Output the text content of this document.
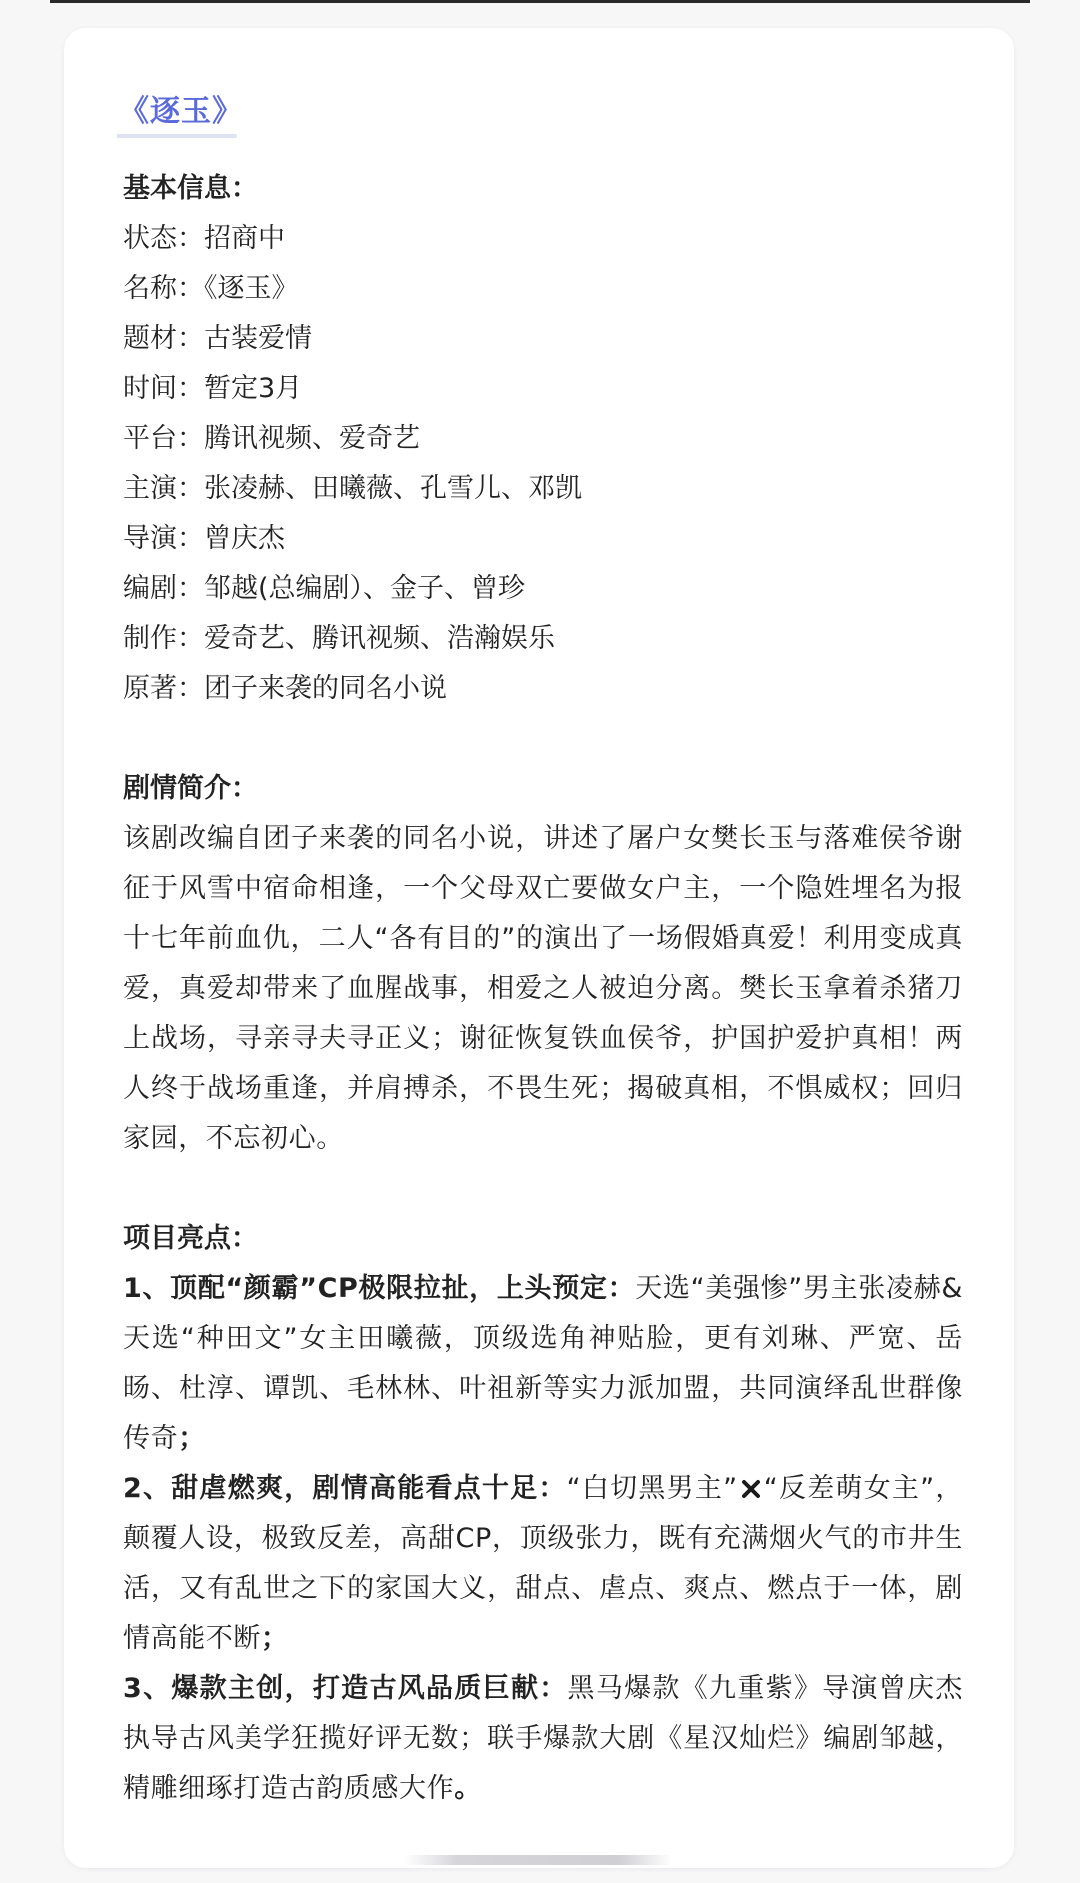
《逐玉》
基本信息：
状态：招商中
名称：《逐玉》
题材：古装爱情
时间：暂定3月
平台：腾讯视频、爱奇艺
主演：张凌赫、田曦薇、孔雪儿、邓凯
导演：曾庆杰
编剧：邹越(总编剧）、金子、曾珍
制作：爱奇艺、腾讯视频、浩瀚娱乐
原著：团子来袭的同名小说
剧情简介：

该剧改编自团子来袭的同名小说，讲述了屠户女樊长玉与落难侯爷谢征于风雪中宿命相逢，一个父母双亡要做女户主，一个隐姓埋名为报十七年前血仇，二人“各有目的”的演出了一场假婚真爱！利用变成真爱，真爱却带来了血腥战事，相爱之人被迫分离。樊长玉拿着杀猪刀上战场，寻亲寻夫寻正义；谢征恢复铁血侯爷，护国护爱护真相！两人终于战场重逢，并肩搏杀，不畏生死；揭破真相，不惧威权；回归家园，不忘初心。

项目亮点：

1、顶配“颜霸”CP极限拉扯，上头预定：天选“美强惨”男主张凌赫&天选“种田文”女主田曦薇，顶级选角神贴脸，更有刘琳、严宽、岳旸、杜淳、谭凯、毛林林、叶祖新等实力派加盟，共同演绎乱世群像传奇；

2、甜虐燃爽，剧情高能看点十足：“白切黑男主” “反差萌女主”，颠覆人设，极致反差，高甜CP，顶级张力，既有充满烟火气的市井生活，又有乱世之下的家国大义，甜点、虐点、爽点、燃点于一体，剧情高能不断；

3、爆款主创，打造古风品质巨献：黑马爆款《九重紫》导演曾庆杰执导古风美学狂揽好评无数；联手爆款大剧《星汉灿烂》编剧邹越，精雕细琢打造古韵质感大作。
